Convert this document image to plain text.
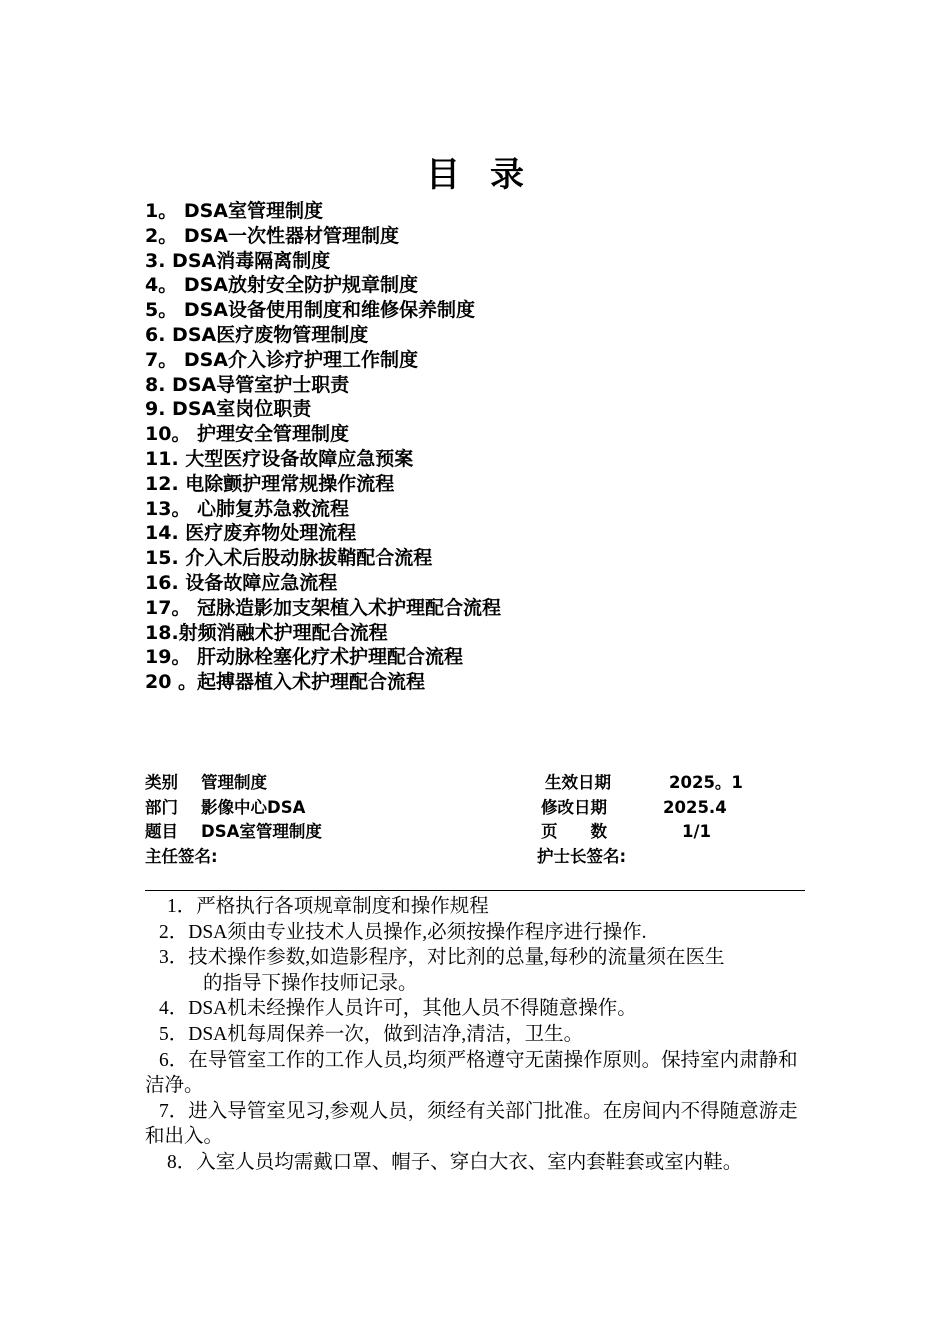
目录
1。 DSA室管理制度
2。 DSA一次性器材管理制度
3. DSA消毒隔离制度
4。 DSA放射安全防护规章制度
5。 DSA设备使用制度和维修保养制度
6. DSA医疗废物管理制度
7。 DSA介入诊疗护理工作制度
8. DSA导管室护士职责
9. DSA室岗位职责
10。 护理安全管理制度
11. 大型医疗设备故障应急预案
12. 电除颤护理常规操作流程
13。 心肺复苏急救流程
14. 医疗废弃物处理流程
15. 介入术后股动脉拔鞘配合流程
16. 设备故障应急流程
17。 冠脉造影加支架植入术护理配合流程
18.射频消融术护理配合流程
19。 肝动脉栓塞化疗术护理配合流程
20 。起搏器植入术护理配合流程
类别 管理制度	生效日期	2025。1
部门 影像中心DSA	修改日期	2025.4
题目 DSA室管理制度	页　　数	1/1
主任签名:	护士长签名:
1．严格执行各项规章制度和操作规程
2．DSA须由专业技术人员操作,必须按操作程序进行操作.
3．技术操作参数,如造影程序，对比剂的总量,每秒的流量须在医生
的指导下操作技师记录。
4．DSA机未经操作人员许可，其他人员不得随意操作。
5．DSA机每周保养一次，做到洁净,清洁，卫生。
6．在导管室工作的工作人员,均须严格遵守无菌操作原则。保持室内肃静和洁净。
7．进入导管室见习,参观人员，须经有关部门批准。在房间内不得随意游走和出入。
8．入室人员均需戴口罩、帽子、穿白大衣、室内套鞋套或室内鞋。
